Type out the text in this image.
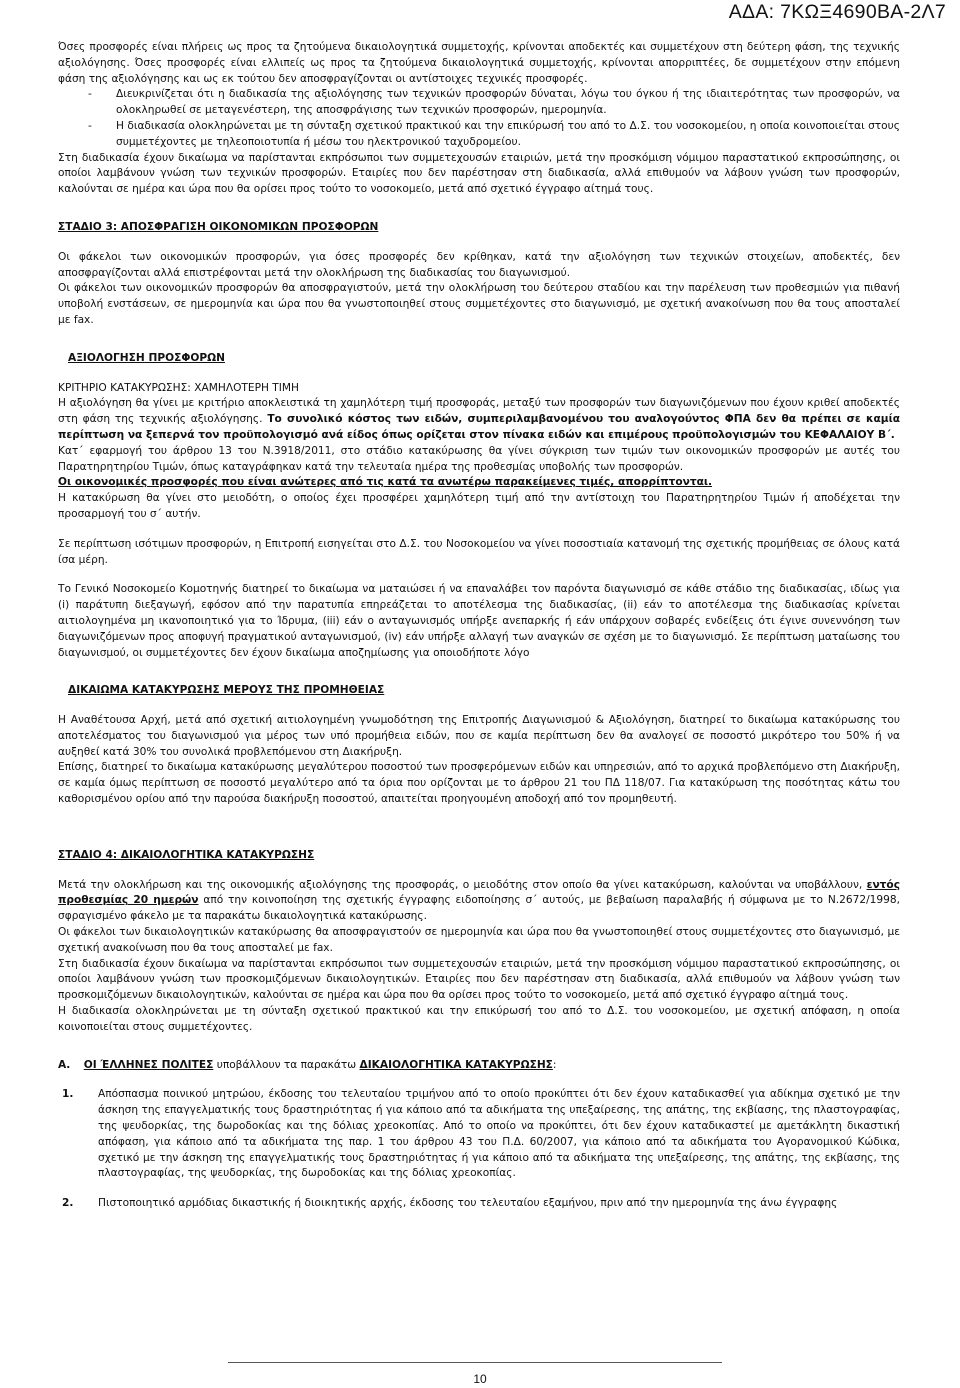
ΑΔΑ: 7ΚΩΞ4690ΒΑ-2Λ7

Όσες προσφορές είναι πλήρεις ως προς τα ζητούμενα δικαιολογητικά συμμετοχής, κρίνονται αποδεκτές και συμμετέχουν στη δεύτερη φάση, της τεχνικής αξιολόγησης. Όσες προσφορές είναι ελλιπείς ως προς τα ζητούμενα δικαιολογητικά συμμετοχής, κρίνονται απορριπτέες, δε συμμετέχουν στην επόμενη φάση της αξιολόγησης και ως εκ τούτου δεν αποσφραγίζονται οι αντίστοιχες τεχνικές προσφορές.

-	Διευκρινίζεται ότι η διαδικασία της αξιολόγησης των τεχνικών προσφορών δύναται, λόγω του όγκου ή της ιδιαιτερότητας των προσφορών, να ολοκληρωθεί σε μεταγενέστερη, της αποσφράγισης των τεχνικών προσφορών, ημερομηνία.
-	Η διαδικασία ολοκληρώνεται με τη σύνταξη σχετικού πρακτικού και την επικύρωσή του από το Δ.Σ. του νοσοκομείου, η οποία κοινοποιείται στους συμμετέχοντες με τηλεοποιοτυπία ή μέσω του ηλεκτρονικού ταχυδρομείου.

Στη διαδικασία έχουν δικαίωμα να παρίστανται εκπρόσωποι των συμμετεχουσών εταιριών, μετά την προσκόμιση νόμιμου παραστατικού εκπροσώπησης, οι οποίοι λαμβάνουν γνώση των τεχνικών προσφορών. Εταιρίες που δεν παρέστησαν στη διαδικασία, αλλά επιθυμούν να λάβουν γνώση των προσφορών, καλούνται σε ημέρα και ώρα που θα ορίσει προς τούτο το νοσοκομείο, μετά από σχετικό έγγραφο αίτημά τους.

ΣΤΑΔΙΟ 3: ΑΠΟΣΦΡΑΓΙΣΗ ΟΙΚΟΝΟΜΙΚΩΝ ΠΡΟΣΦΟΡΩΝ

Οι φάκελοι των οικονομικών προσφορών, για όσες προσφορές δεν κρίθηκαν, κατά την αξιολόγηση των τεχνικών στοιχείων, αποδεκτές, δεν αποσφραγίζονται αλλά επιστρέφονται μετά την ολοκλήρωση της διαδικασίας του διαγωνισμού.

Οι φάκελοι των οικονομικών προσφορών θα αποσφραγιστούν, μετά την ολοκλήρωση του δεύτερου σταδίου και την παρέλευση των προθεσμιών για πιθανή υποβολή ενστάσεων, σε ημερομηνία και ώρα που θα γνωστοποιηθεί στους συμμετέχοντες στο διαγωνισμό, με σχετική ανακοίνωση που θα τους αποσταλεί με fax.

ΑΞΙΟΛΟΓΗΣΗ ΠΡΟΣΦΟΡΩΝ

ΚΡΙΤΗΡΙΟ ΚΑΤΑΚΥΡΩΣΗΣ: ΧΑΜΗΛΟΤΕΡΗ ΤΙΜΗ

Η αξιολόγηση θα γίνει με κριτήριο αποκλειστικά τη χαμηλότερη τιμή προσφοράς, μεταξύ των προσφορών των διαγωνιζόμενων που έχουν κριθεί αποδεκτές στη φάση της τεχνικής αξιολόγησης. Το συνολικό κόστος των ειδών, συμπεριλαμβανομένου του αναλογούντος ΦΠΑ δεν θα πρέπει σε καμία περίπτωση να ξεπερνά τον προϋπολογισμό ανά είδος όπως ορίζεται στον πίνακα ειδών και επιμέρους προϋπολογισμών του ΚΕΦΑΛΑΙΟΥ Β΄.

Κατ΄ εφαρμογή του άρθρου 13 του Ν.3918/2011, στο στάδιο κατακύρωσης θα γίνει σύγκριση των τιμών των οικονομικών προσφορών με αυτές του Παρατηρητηρίου Τιμών, όπως καταγράφηκαν κατά την τελευταία ημέρα της προθεσμίας υποβολής των προσφορών.

Οι οικονομικές προσφορές που είναι ανώτερες από τις κατά τα ανωτέρω παρακείμενες τιμές, απορρίπτονται.

Η κατακύρωση θα γίνει στο μειοδότη, ο οποίος έχει προσφέρει χαμηλότερη τιμή από την αντίστοιχη του Παρατηρητηρίου Τιμών ή αποδέχεται την προσαρμογή του σ΄ αυτήν.

Σε περίπτωση ισότιμων προσφορών, η Επιτροπή εισηγείται στο Δ.Σ. του Νοσοκομείου να γίνει ποσοστιαία κατανομή της σχετικής προμήθειας σε όλους κατά ίσα μέρη.

Το Γενικό Νοσοκομείο Κομοτηνής διατηρεί το δικαίωμα να ματαιώσει ή να επαναλάβει τον παρόντα διαγωνισμό σε κάθε στάδιο της διαδικασίας, ιδίως για (i) παράτυπη διεξαγωγή, εφόσον από την παρατυπία επηρεάζεται το αποτέλεσμα της διαδικασίας, (ii) εάν το αποτέλεσμα της διαδικασίας κρίνεται αιτιολογημένα μη ικανοποιητικό για το Ίδρυμα, (iii) εάν ο ανταγωνισμός υπήρξε ανεπαρκής ή εάν υπάρχουν σοβαρές ενδείξεις ότι έγινε συνεννόηση των διαγωνιζόμενων προς αποφυγή πραγματικού ανταγωνισμού, (iv) εάν υπήρξε αλλαγή των αναγκών σε σχέση με το διαγωνισμό. Σε περίπτωση ματαίωσης του διαγωνισμού, οι συμμετέχοντες δεν έχουν δικαίωμα αποζημίωσης για οποιοδήποτε λόγο

ΔΙΚΑΙΩΜΑ ΚΑΤΑΚΥΡΩΣΗΣ ΜΕΡΟΥΣ ΤΗΣ ΠΡΟΜΗΘΕΙΑΣ

Η Αναθέτουσα Αρχή, μετά από σχετική αιτιολογημένη γνωμοδότηση της Επιτροπής Διαγωνισμού & Αξιολόγηση, διατηρεί το δικαίωμα κατακύρωσης του αποτελέσματος του διαγωνισμού για μέρος των υπό προμήθεια ειδών, που σε καμία περίπτωση δεν θα αναλογεί σε ποσοστό μικρότερο του 50% ή να αυξηθεί κατά 30% του συνολικά προβλεπόμενου στη Διακήρυξη.

Επίσης, διατηρεί το δικαίωμα κατακύρωσης μεγαλύτερου ποσοστού των προσφερόμενων ειδών και υπηρεσιών, από το αρχικά προβλεπόμενο στη Διακήρυξη, σε καμία όμως περίπτωση σε ποσοστό μεγαλύτερο από τα όρια που ορίζονται με το άρθρου 21 του ΠΔ 118/07. Για κατακύρωση της ποσότητας κάτω του καθορισμένου ορίου από την παρούσα διακήρυξη ποσοστού, απαιτείται προηγουμένη αποδοχή από τον προμηθευτή.

ΣΤΑΔΙΟ 4: ΔΙΚΑΙΟΛΟΓΗΤΙΚΑ ΚΑΤΑΚΥΡΩΣΗΣ

Μετά την ολοκλήρωση και της οικονομικής αξιολόγησης της προσφοράς, ο μειοδότης στον οποίο θα γίνει κατακύρωση, καλούνται να υποβάλλουν, εντός προθεσμίας 20 ημερών από την κοινοποίηση της σχετικής έγγραφης ειδοποίησης σ΄ αυτούς, με βεβαίωση παραλαβής ή σύμφωνα με το Ν.2672/1998, σφραγισμένο φάκελο με τα παρακάτω δικαιολογητικά κατακύρωσης.

Οι φάκελοι των δικαιολογητικών κατακύρωσης θα αποσφραγιστούν σε ημερομηνία και ώρα που θα γνωστοποιηθεί στους συμμετέχοντες στο διαγωνισμό, με σχετική ανακοίνωση που θα τους αποσταλεί με fax.

Στη διαδικασία έχουν δικαίωμα να παρίστανται εκπρόσωποι των συμμετεχουσών εταιριών, μετά την προσκόμιση νόμιμου παραστατικού εκπροσώπησης, οι οποίοι λαμβάνουν γνώση των προσκομιζόμενων δικαιολογητικών. Εταιρίες που δεν παρέστησαν στη διαδικασία, αλλά επιθυμούν να λάβουν γνώση των προσκομιζόμενων δικαιολογητικών, καλούνται σε ημέρα και ώρα που θα ορίσει προς τούτο το νοσοκομείο, μετά από σχετικό έγγραφο αίτημά τους.

Η διαδικασία ολοκληρώνεται με τη σύνταξη σχετικού πρακτικού και την επικύρωσή του από το Δ.Σ. του νοσοκομείου, με σχετική απόφαση, η οποία κοινοποιείται στους συμμετέχοντες.

Α. ΟΙ ΈΛΛΗΝΕΣ ΠΟΛΙΤΕΣ υποβάλλουν τα παρακάτω ΔΙΚΑΙΟΛΟΓΗΤΙΚΑ ΚΑΤΑΚΥΡΩΣΗΣ:

1.	Απόσπασμα ποινικού μητρώου, έκδοσης του τελευταίου τριμήνου από το οποίο προκύπτει ότι δεν έχουν καταδικασθεί για αδίκημα σχετικό με την άσκηση της επαγγελματικής τους δραστηριότητας ή για κάποιο από τα αδικήματα της υπεξαίρεσης, της απάτης, της εκβίασης, της πλαστογραφίας, της ψευδορκίας, της δωροδοκίας και της δόλιας χρεοκοπίας. Από το οποίο να προκύπτει, ότι δεν έχουν καταδικαστεί με αμετάκλητη δικαστική απόφαση, για κάποιο από τα αδικήματα της παρ. 1 του άρθρου 43 του Π.Δ. 60/2007, για κάποιο από τα αδικήματα του Αγορανομικού Κώδικα, σχετικό με την άσκηση της επαγγελματικής τους δραστηριότητας ή για κάποιο από τα αδικήματα της υπεξαίρεσης, της απάτης, της εκβίασης, της πλαστογραφίας, της ψευδορκίας, της δωροδοκίας και της δόλιας χρεοκοπίας.
2.	Πιστοποιητικό αρμόδιας δικαστικής ή διοικητικής αρχής, έκδοσης του τελευταίου εξαμήνου, πριν από την ημερομηνία της άνω έγγραφης
10
